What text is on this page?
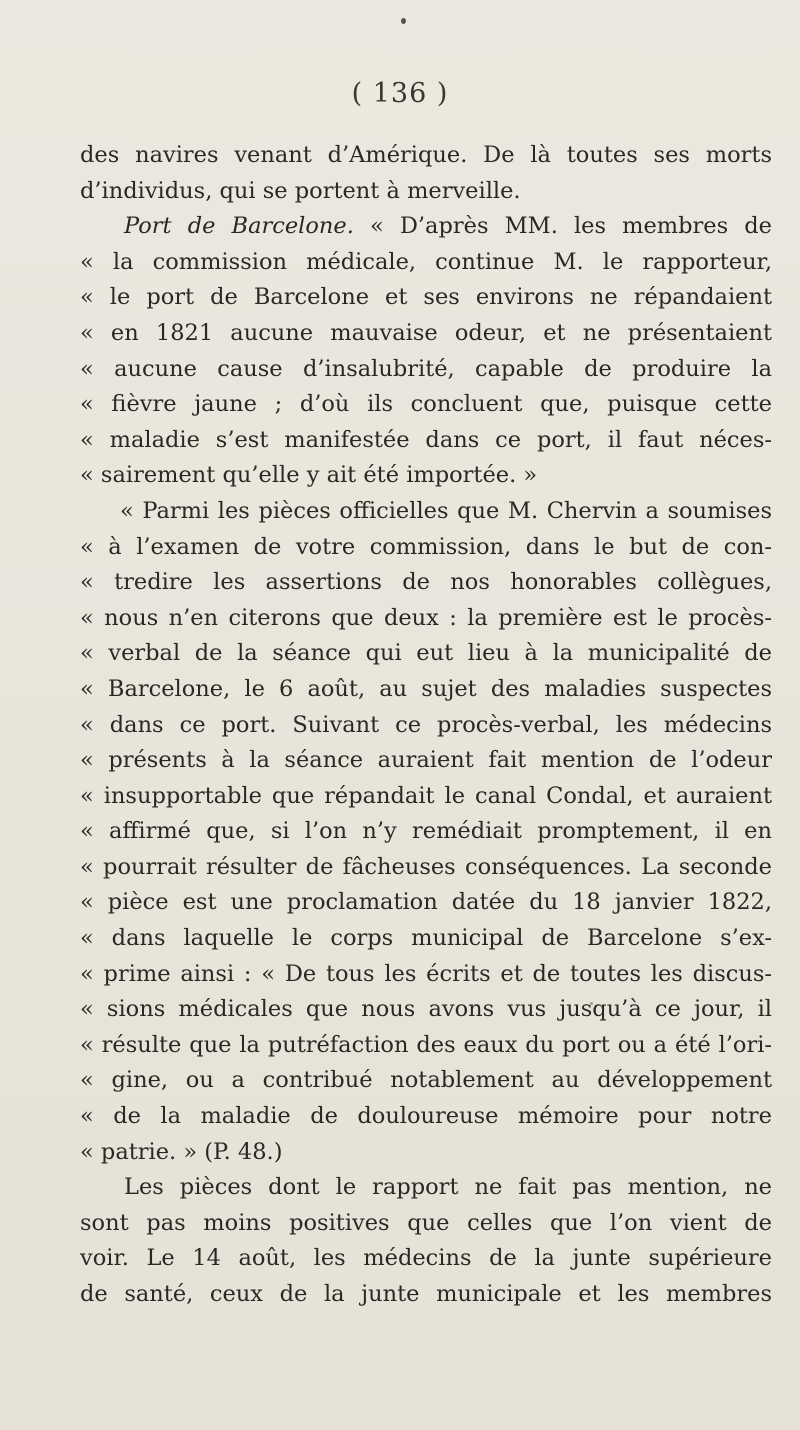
( 136 )
des navires venant d’Amérique. De là toutes ses morts
d’individus, qui se portent à merveille.
Port de Barcelone. « D’après MM. les membres de
« la commission médicale, continue M. le rapporteur,
« le port de Barcelone et ses environs ne répandaient
« en 1821 aucune mauvaise odeur, et ne présentaient
« aucune cause d’insalubrité, capable de produire la
« fièvre jaune ; d’où ils concluent que, puisque cette
« maladie s’est manifestée dans ce port, il faut néces-
« sairement qu’elle y ait été importée. »
« Parmi les pièces officielles que M. Chervin a soumises
« à l’examen de votre commission, dans le but de con-
« tredire les assertions de nos honorables collègues,
« nous n’en citerons que deux : la première est le procès-
« verbal de la séance qui eut lieu à la municipalité de
« Barcelone, le 6 août, au sujet des maladies suspectes
« dans ce port. Suivant ce procès-verbal, les médecins
« présents à la séance auraient fait mention de l’odeur
« insupportable que répandait le canal Condal, et auraient
« affirmé que, si l’on n’y remédiait promptement, il en
« pourrait résulter de fâcheuses conséquences. La seconde
« pièce est une proclamation datée du 18 janvier 1822,
« dans laquelle le corps municipal de Barcelone s’ex-
« prime ainsi : « De tous les écrits et de toutes les discus-
« sions médicales que nous avons vus jusqu’à ce jour, il
« résulte que la putréfaction des eaux du port ou a été l’ori-
« gine, ou a contribué notablement au développement
« de la maladie de douloureuse mémoire pour notre
« patrie. » (P. 48.)
Les pièces dont le rapport ne fait pas mention, ne
sont pas moins positives que celles que l’on vient de
voir. Le 14 août, les médecins de la junte supérieure
de santé, ceux de la junte municipale et les membres
